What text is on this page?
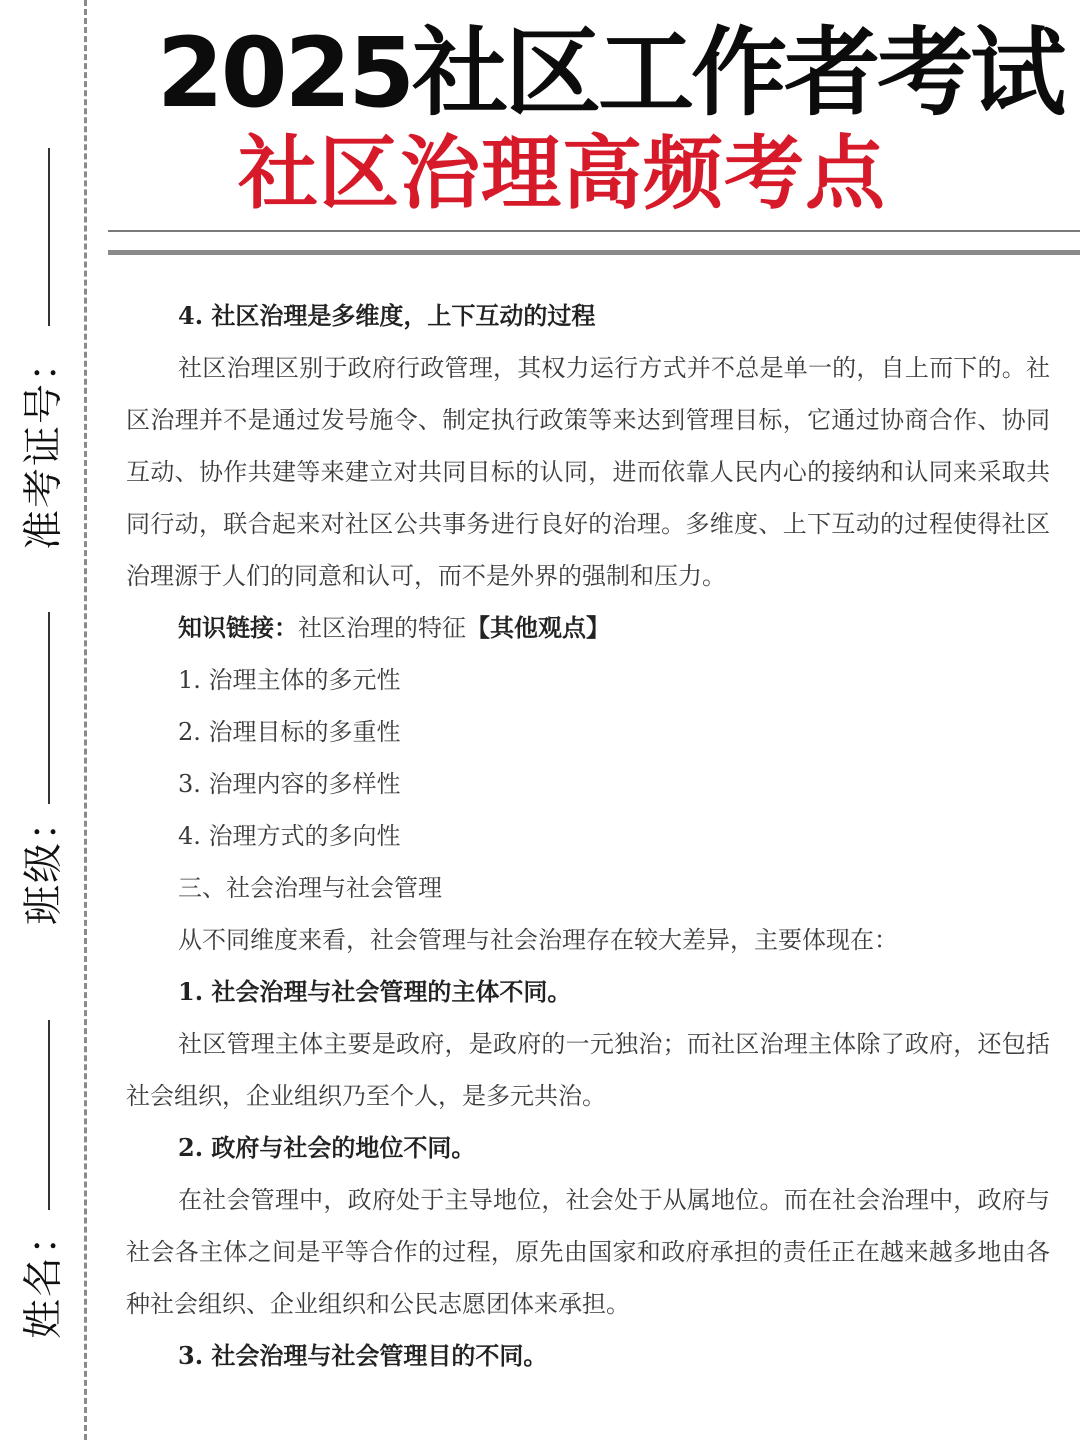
准考证号：
班级：
姓名：
2025社区工作者考试
社区治理高频考点

4. 社区治理是多维度，上下互动的过程

社区治理区别于政府行政管理，其权力运行方式并不总是单一的，自上而下的。社区治理并不是通过发号施令、制定执行政策等来达到管理目标，它通过协商合作、协同互动、协作共建等来建立对共同目标的认同，进而依靠人民内心的接纳和认同来采取共同行动，联合起来对社区公共事务进行良好的治理。多维度、上下互动的过程使得社区治理源于人们的同意和认可，而不是外界的强制和压力。

知识链接：社区治理的特征【其他观点】

1. 治理主体的多元性

2. 治理目标的多重性

3. 治理内容的多样性

4. 治理方式的多向性

三、社会治理与社会管理

从不同维度来看，社会管理与社会治理存在较大差异，主要体现在：

1. 社会治理与社会管理的主体不同。

社区管理主体主要是政府，是政府的一元独治；而社区治理主体除了政府，还包括社会组织，企业组织乃至个人，是多元共治。

2. 政府与社会的地位不同。

在社会管理中，政府处于主导地位，社会处于从属地位。而在社会治理中，政府与社会各主体之间是平等合作的过程，原先由国家和政府承担的责任正在越来越多地由各种社会组织、企业组织和公民志愿团体来承担。

3. 社会治理与社会管理目的不同。
